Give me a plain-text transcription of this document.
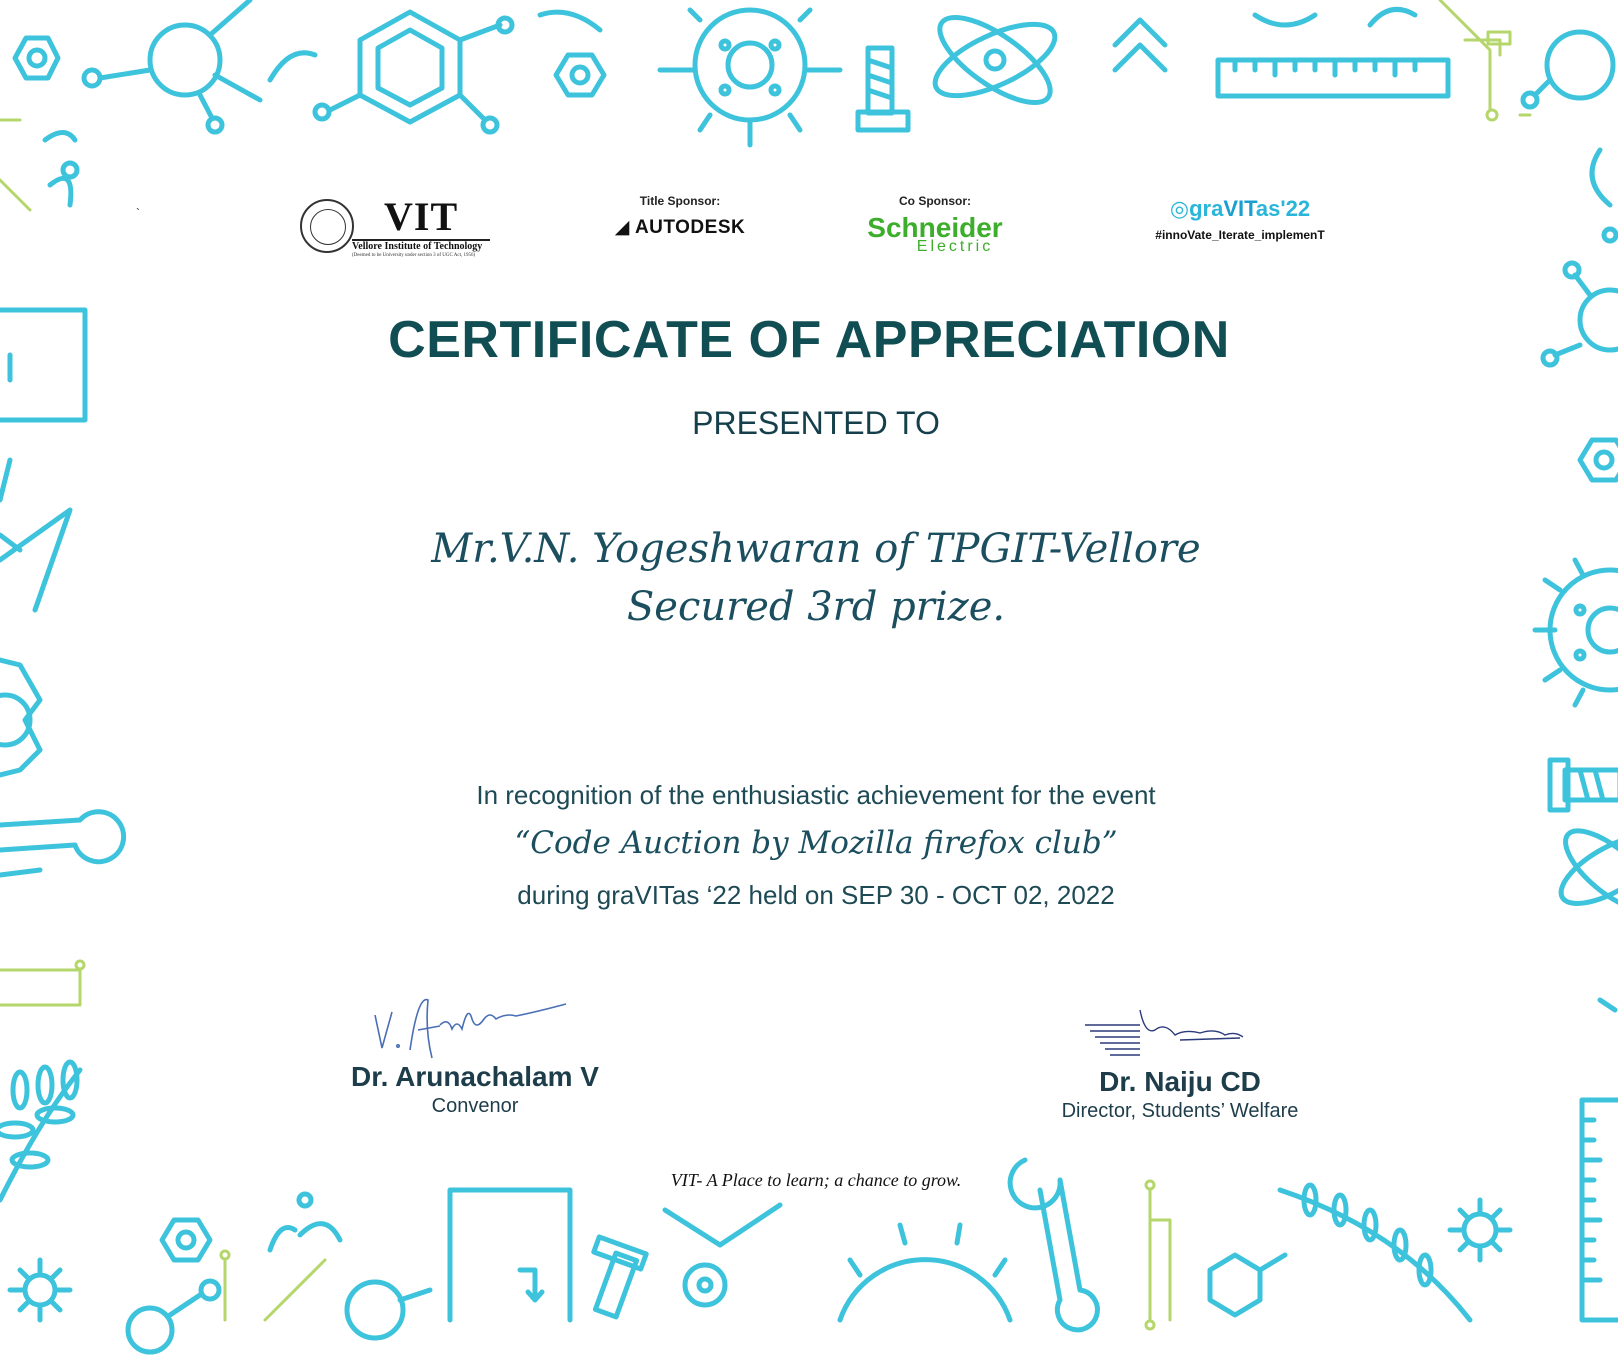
`	VIT
Vellore Institute of Technology
(Deemed to be University under section 3 of UGC Act, 1956)
Title Sponsor:
◢ AUTODESK
Co Sponsor:
Schneider
Electric
◎graVITas'22
#innoVate_Iterate_implemenT
CERTIFICATE OF APPRECIATION
PRESENTED TO
Mr.V.N. Yogeshwaran of TPGIT-Vellore
Secured 3rd prize.
In recognition of the enthusiastic achievement for the event
“Code Auction by Mozilla firefox club”
during graVITas ‘22 held on SEP 30 - OCT 02, 2022
Dr. Arunachalam V
Convenor
Dr. Naiju CD
Director, Students’ Welfare
VIT- A Place to learn; a chance to grow.
